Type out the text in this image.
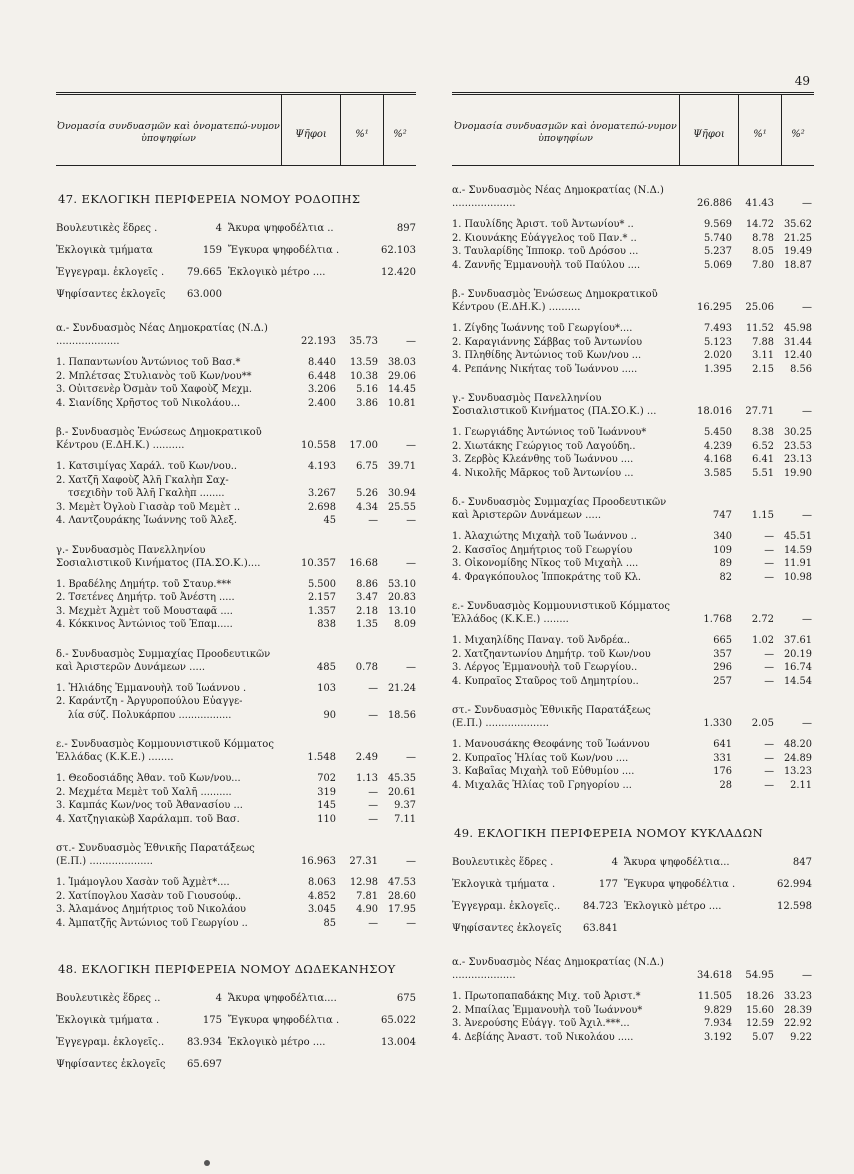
49
Ὀνομασία συνδυασμῶν καὶ ὀνοματεπώ-νυμον ὑποψηφίων	Ψῆφοι	%¹	%²
47. ΕΚΛΟΓΙΚΗ ΠΕΡΙΦΕΡΕΙΑ ΝΟΜΟΥ ΡΟΔΟΠΗΣ
Βουλευτικὲς ἕδρες .	4 Ἄκυρα ψηφοδέλτια ..	897
Ἐκλογικὰ τμήματα	159 Ἔγκυρα ψηφοδέλτια .	62.103
Ἐγγεγραμ. ἐκλογεῖς .	79.665 Ἐκλογικὸ μέτρο ....	12.420
Ψηφίσαντες ἐκλογεῖς	63.000
α.- Συνδυασμὸς Νέας Δημοκρατίας (Ν.Δ.) ....................	22.193	35.73	—
1. Παπαντωνίου Ἀντώνιος τοῦ Βασ.*	8.440	13.59	38.03
2. Μπλέτσας Στυλιανὸς τοῦ Κων/νου**	6.448	10.38	29.06
3. Οὐιτσενὲρ Ὀσμὰν τοῦ Χαφοὺζ Μεχμ.	3.206	5.16	14.45
4. Σιανίδης Χρῆστος τοῦ Νικολάου...	2.400	3.86	10.81
β.- Συνδυασμὸς Ἑνώσεως Δημοκρατικοῦ Κέντρου (Ε.ΔΗ.Κ.) ..........	10.558	17.00	—
1. Κατσιμίγας Χαράλ. τοῦ Κων/νου..	4.193	6.75	39.71
2. Χατζῆ Χαφοὺζ Ἀλῆ Γκαλὴπ Σαχ-
τσεχιδὴν τοῦ Ἀλῆ Γκαλὴπ ........	3.267	5.26	30.94
3. Μεμὲτ Ὀγλοὺ Γιασὰρ τοῦ Μεμὲτ ..	2.698	4.34	25.55
4. Λαντζουράκης Ἰωάννης τοῦ Ἀλεξ.	45	—	—
γ.- Συνδυασμὸς Πανελληνίου Σοσιαλιστικοῦ Κινήματος (ΠΑ.ΣΟ.Κ.)....	10.357	16.68	—
1. Βραδέλης Δημήτρ. τοῦ Σταυρ.***	5.500	8.86	53.10
2. Τσετένες Δημήτρ. τοῦ Ἀνέστη .....	2.157	3.47	20.83
3. Μεχμὲτ Ἀχμὲτ τοῦ Μουσταφᾶ ....	1.357	2.18	13.10
4. Κόκκινος Ἀντώνιος τοῦ Ἐπαμ.....	838	1.35	8.09
δ.- Συνδυασμὸς Συμμαχίας Προοδευτικῶν καὶ Ἀριστερῶν Δυνάμεων .....	485	0.78	—
1. Ἠλιάδης Ἐμμανουὴλ τοῦ Ἰωάννου .	103	—	21.24
2. Καράντζη - Ἀργυροπούλου Εὐαγγε-
λία σύζ. Πολυκάρπου .................	90	—	18.56
ε.- Συνδυασμὸς Κομμουνιστικοῦ Κόμματος Ἑλλάδας (Κ.Κ.Ε.) ........	1.548	2.49	—
1. Θεοδοσιάδης Ἀθαν. τοῦ Κων/νου...	702	1.13	45.35
2. Μεχμέτα Μεμὲτ τοῦ Χαλῆ ..........	319	—	20.61
3. Καμπάς Κων/νος τοῦ Ἀθανασίου ...	145	—	9.37
4. Χατζηγιακὼβ Χαράλαμπ. τοῦ Βασ.	110	—	7.11
στ.- Συνδυασμὸς Ἐθνικῆς Παρατάξεως (Ε.Π.) ....................	16.963	27.31	—
1. Ἰμάμογλου Χασὰν τοῦ Ἀχμὲτ*....	8.063	12.98	47.53
2. Χατίπογλου Χασὰν τοῦ Γιουσούφ..	4.852	7.81	28.60
3. Ἀλαμάνος Δημήτριος τοῦ Νικολάου	3.045	4.90	17.95
4. Ἀμπατζῆς Ἀντώνιος τοῦ Γεωργίου ..	85	—	—
48. ΕΚΛΟΓΙΚΗ ΠΕΡΙΦΕΡΕΙΑ ΝΟΜΟΥ ΔΩΔΕΚΑΝΗΣΟΥ
Βουλευτικὲς ἕδρες ..	4 Ἄκυρα ψηφοδέλτια....	675
Ἐκλογικὰ τμήματα .	175 Ἔγκυρα ψηφοδέλτια .	65.022
Ἐγγεγραμ. ἐκλογεῖς..	83.934 Ἐκλογικὸ μέτρο ....	13.004
Ψηφίσαντες ἐκλογεῖς	65.697
Ὀνομασία συνδυασμῶν καὶ ὀνοματεπώ-νυμον ὑποψηφίων	Ψῆφοι	%¹	%²
α.- Συνδυασμὸς Νέας Δημοκρατίας (Ν.Δ.) ....................	26.886	41.43	—
1. Παυλίδης Ἀριστ. τοῦ Ἀντωνίου* ..	9.569	14.72	35.62
2. Κιουνάκης Εὐάγγελος τοῦ Παν.* ..	5.740	8.78	21.25
3. Ταυλαρίδης Ἱπποκρ. τοῦ Δρόσου ...	5.237	8.05	19.49
4. Ζαννῆς Ἐμμανουὴλ τοῦ Παύλου ....	5.069	7.80	18.87
β.- Συνδυασμὸς Ἑνώσεως Δημοκρατικοῦ Κέντρου (Ε.ΔΗ.Κ.) ..........	16.295	25.06	—
1. Ζίγδης Ἰωάννης τοῦ Γεωργίου*....	7.493	11.52	45.98
2. Καραγιάννης Σάββας τοῦ Ἀντωνίου	5.123	7.88	31.44
3. Πληθίδης Ἀντώνιος τοῦ Κων/νου ...	2.020	3.11	12.40
4. Ρεπάνης Νικήτας τοῦ Ἰωάννου .....	1.395	2.15	8.56
γ.- Συνδυασμὸς Πανελληνίου Σοσιαλιστικοῦ Κινήματος (ΠΑ.ΣΟ.Κ.) ...	18.016	27.71	—
1. Γεωργιάδης Ἀντώνιος τοῦ Ἰωάννου*	5.450	8.38	30.25
2. Χιωτάκης Γεώργιος τοῦ Λαγούδη..	4.239	6.52	23.53
3. Ζερβὸς Κλεάνθης τοῦ Ἰωάννου ....	4.168	6.41	23.13
4. Νικολῆς Μᾶρκος τοῦ Ἀντωνίου ...	3.585	5.51	19.90
δ.- Συνδυασμὸς Συμμαχίας Προοδευτικῶν καὶ Ἀριστερῶν Δυνάμεων .....	747	1.15	—
1. Ἀλαχιώτης Μιχαὴλ τοῦ Ἰωάννου ..	340	—	45.51
2. Κασσῖος Δημήτριος τοῦ Γεωργίου	109	—	14.59
3. Οἰκονομίδης Νῖκος τοῦ Μιχαὴλ ....	89	—	11.91
4. Φραγκόπουλος Ἱπποκράτης τοῦ Κλ.	82	—	10.98
ε.- Συνδυασμὸς Κομμουνιστικοῦ Κόμματος Ἑλλάδος (Κ.Κ.Ε.) ........	1.768	2.72	—
1. Μιχαηλίδης Παναγ. τοῦ Ἀνδρέα..	665	1.02	37.61
2. Χατζηαντωνίου Δημήτρ. τοῦ Κων/νου	357	—	20.19
3. Λέργος Ἐμμανουὴλ τοῦ Γεωργίου..	296	—	16.74
4. Κυπραῖος Σταῦρος τοῦ Δημητρίου..	257	—	14.54
στ.- Συνδυασμὸς Ἐθνικῆς Παρατάξεως (Ε.Π.) ....................	1.330	2.05	—
1. Μανουσάκης Θεοφάνης τοῦ Ἰωάννου	641	—	48.20
2. Κυπραῖος Ἠλίας τοῦ Κων/νου ....	331	—	24.89
3. Καβαΐας Μιχαὴλ τοῦ Εὐθυμίου ....	176	—	13.23
4. Μιχαλᾶς Ἠλίας τοῦ Γρηγορίου ...	28	—	2.11
49. ΕΚΛΟΓΙΚΗ ΠΕΡΙΦΕΡΕΙΑ ΝΟΜΟΥ ΚΥΚΛΑΔΩΝ
Βουλευτικὲς ἕδρες .	4 Ἄκυρα ψηφοδέλτια...	847
Ἐκλογικὰ τμήματα .	177 Ἔγκυρα ψηφοδέλτια .	62.994
Ἐγγεγραμ. ἐκλογεῖς..	84.723 Ἐκλογικὸ μέτρο ....	12.598
Ψηφίσαντες ἐκλογεῖς	63.841
α.- Συνδυασμὸς Νέας Δημοκρατίας (Ν.Δ.) ....................	34.618	54.95	—
1. Πρωτοπαπαδάκης Μιχ. τοῦ Ἀριστ.*	11.505	18.26	33.23
2. Μπαίλας Ἐμμανουὴλ τοῦ Ἰωάννου*	9.829	15.60	28.39
3. Ἀνερούσης Εὐάγγ. τοῦ Ἀχιλ.***...	7.934	12.59	22.92
4. Δεβίάης Ἀναστ. τοῦ Νικολάου .....	3.192	5.07	9.22
